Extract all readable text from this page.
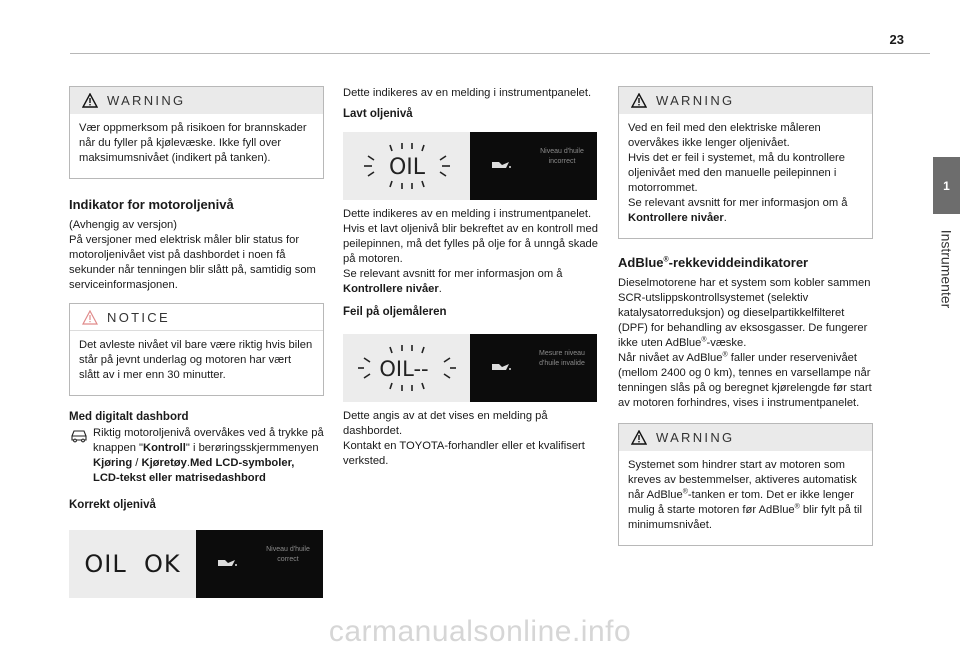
23
1
Instrumenter
WARNING

Vær oppmerksom på risikoen for brannskader når du fyller på kjølevæske. Ikke fyll over maksimumsnivået (indikert på tanken).

Indikator for motoroljenivå

(Avhengig av versjon)

På versjoner med elektrisk måler blir status for motoroljenivået vist på dashbordet i noen få sekunder når tenningen blir slått på, samtidig som serviceinformasjonen.

NOTICE

Det avleste nivået vil bare være riktig hvis bilen står på jevnt underlag og motoren har vært slått av i mer enn 30 minutter.

Med digitalt dashbord

Riktig motoroljenivå overvåkes ved å trykke på knappen "Kontroll" i berøringsskjermmenyen Kjøring / Kjøretøy.Med LCD-symboler, LCD-tekst eller matrisedashbord

Korrekt oljenivå
OIL  OK	Niveau d'huile correct

Dette indikeres av en melding i instrumentpanelet.

Lavt oljenivå
OIL
Niveau d'huile incorrect

Dette indikeres av en melding i instrumentpanelet.

Hvis et lavt oljenivå blir bekreftet av en kontroll med peilepinnen, må det fylles på olje for å unngå skade på motoren.

Se relevant avsnitt for mer informasjon om å Kontrollere nivåer.

Feil på oljemåleren
OIL--
Mesure niveau d'huile invalide

Dette angis av at det vises en melding på dashbordet.

Kontakt en TOYOTA-forhandler eller et kvalifisert verksted.

WARNING

Ved en feil med den elektriske måleren overvåkes ikke lenger oljenivået.

Hvis det er feil i systemet, må du kontrollere oljenivået med den manuelle peilepinnen i motorrommet.

Se relevant avsnitt for mer informasjon om å Kontrollere nivåer.

AdBlue®-rekkeviddeindikatorer

Dieselmotorene har et system som kobler sammen SCR-utslippskontrollsystemet (selektiv katalysatorreduksjon) og dieselpartikkelfilteret (DPF) for behandling av eksosgasser. De fungerer ikke uten AdBlue®-væske.

Når nivået av AdBlue® faller under reservenivået (mellom 2400 og 0 km), tennes en varsellampe når tenningen slås på og beregnet kjørelengde før start av motoren forhindres, vises i instrumentpanelet.

WARNING

Systemet som hindrer start av motoren som kreves av bestemmelser, aktiveres automatisk når AdBlue®-tanken er tom. Det er ikke lenger mulig å starte motoren før AdBlue® blir fylt på til minimumsnivået.

carmanualsonline.info
